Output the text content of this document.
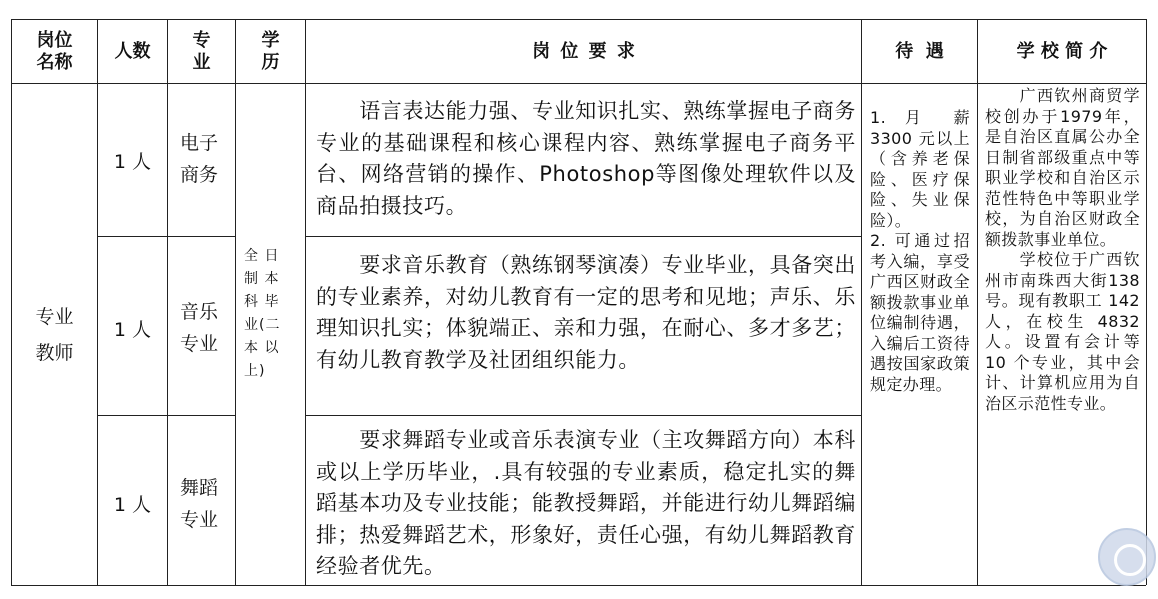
岗位
名称
人数
专
业
学
历
岗 位 要 求	待  遇	学 校 简 介
专业
教师
1 人
1 人
1 人
电子
商务
音乐
专业
舞蹈
专业
全 日
制 本
科 毕
业(二
本 以
上)
　　语言表达能力强、专业知识扎实、熟练掌握电子商务专业的基础课程和核心课程内容、熟练掌握电子商务平台、网络营销的操作、Photoshop等图像处理软件以及商品拍摄技巧。
　　要求音乐教育（熟练钢琴演凑）专业毕业，具备突出的专业素养，对幼儿教育有一定的思考和见地；声乐、乐理知识扎实；体貌端正、亲和力强，在耐心、多才多艺；有幼儿教育教学及社团组织能力。
　　要求舞蹈专业或音乐表演专业（主攻舞蹈方向）本科或以上学历毕业，.具有较强的专业素质，稳定扎实的舞蹈基本功及专业技能；能教授舞蹈，并能进行幼儿舞蹈编排；热爱舞蹈艺术，形象好，责任心强，有幼儿舞蹈教育经验者优先。
1. 月 薪 3300 元以上（含养老保险、医疗保险、失业保险）。
2. 可通过招考入编，享受广西区财政全额拨款事业单位编制待遇，入编后工资待遇按国家政策规定办理。
　　广西钦州商贸学校创办于1979年，是自治区直属公办全日制省部级重点中等职业学校和自治区示范性特色中等职业学校，为自治区财政全额拨款事业单位。
　　学校位于广西钦州市南珠西大街138号。现有教职工 142 人，在校生 4832人。设置有会计等 10 个专业，其中会计、计算机应用为自治区示范性专业。
